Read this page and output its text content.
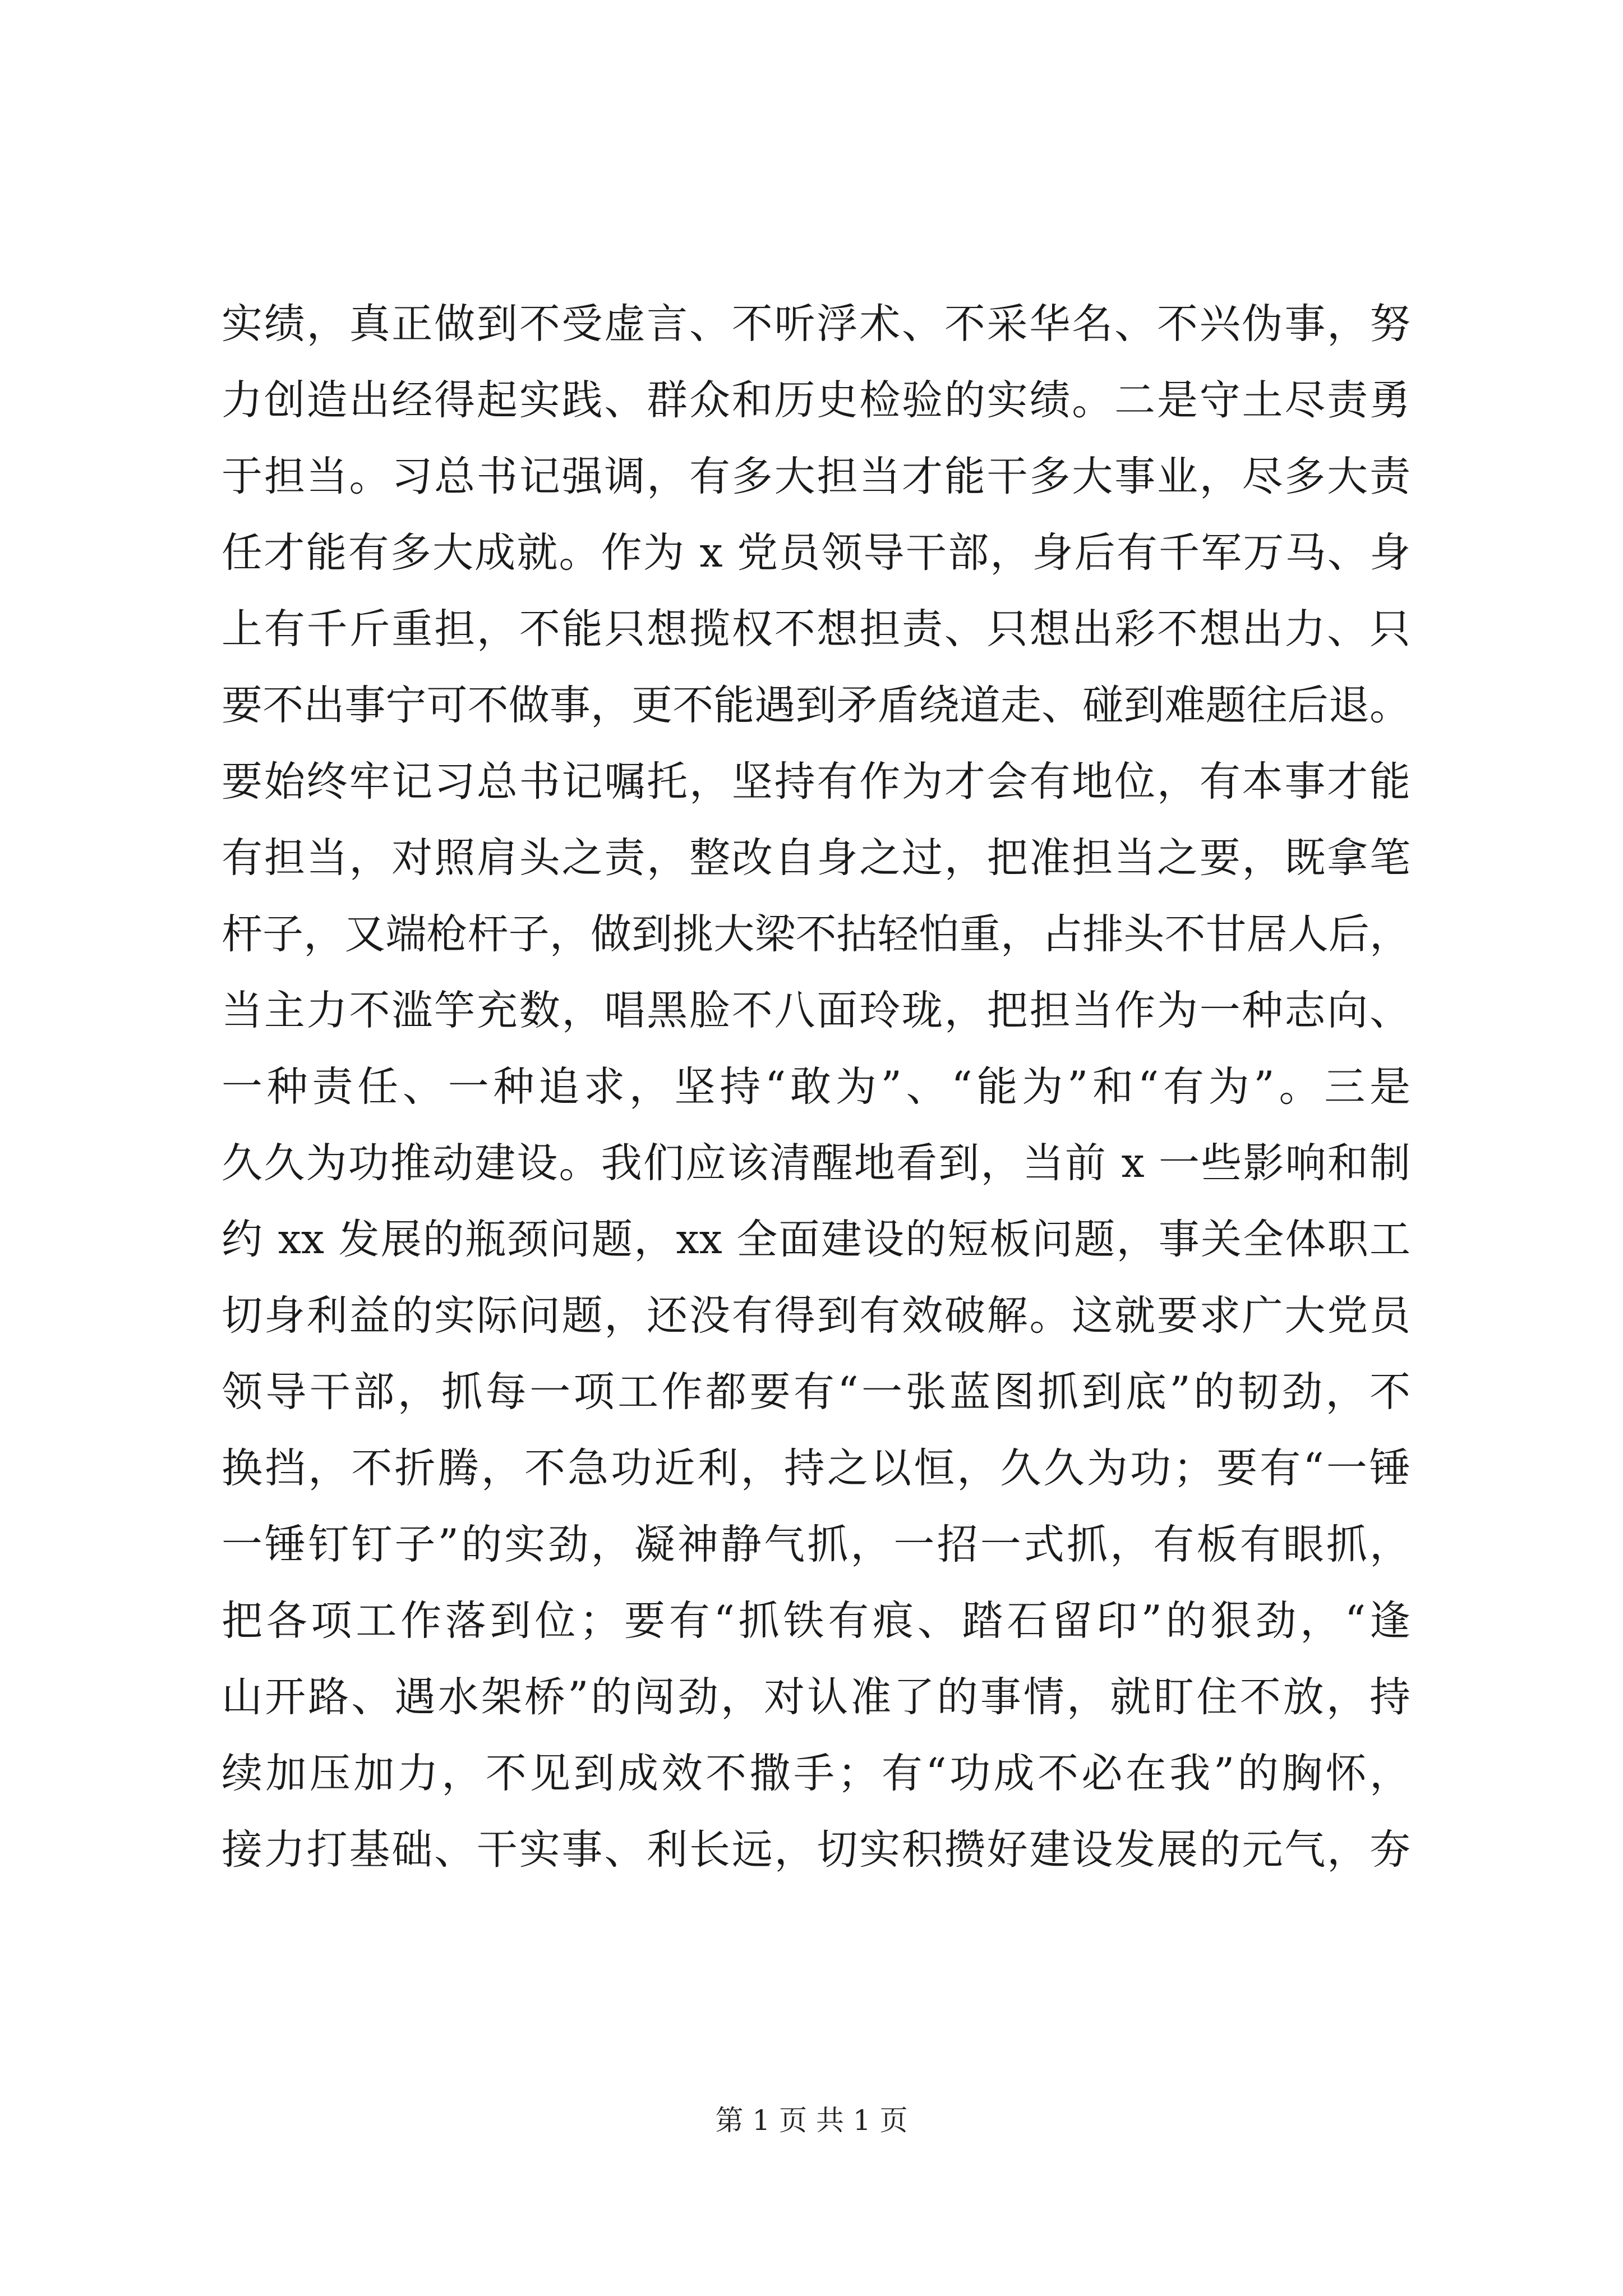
实绩，真正做到不受虚言、不听浮术、不采华名、不兴伪事，努
力创造出经得起实践、群众和历史检验的实绩。二是守土尽责勇
于担当。习总书记强调，有多大担当才能干多大事业，尽多大责
任才能有多大成就。作为 x 党员领导干部，身后有千军万马、身
上有千斤重担，不能只想揽权不想担责、只想出彩不想出力、只
要不出事宁可不做事，更不能遇到矛盾绕道走、碰到难题往后退。
要始终牢记习总书记嘱托，坚持有作为才会有地位，有本事才能
有担当，对照肩头之责，整改自身之过，把准担当之要，既拿笔
杆子，又端枪杆子，做到挑大梁不拈轻怕重，占排头不甘居人后，
当主力不滥竽充数，唱黑脸不八面玲珑，把担当作为一种志向、
一种责任、一种追求，坚持“敢为”、“能为”和“有为”。三是
久久为功推动建设。我们应该清醒地看到，当前 x 一些影响和制
约 xx 发展的瓶颈问题，xx 全面建设的短板问题，事关全体职工
切身利益的实际问题，还没有得到有效破解。这就要求广大党员
领导干部，抓每一项工作都要有“一张蓝图抓到底”的韧劲，不
换挡，不折腾，不急功近利，持之以恒，久久为功；要有“一锤
一锤钉钉子”的实劲，凝神静气抓，一招一式抓，有板有眼抓，
把各项工作落到位；要有“抓铁有痕、踏石留印”的狠劲，“逢
山开路、遇水架桥”的闯劲，对认准了的事情，就盯住不放，持
续加压加力，不见到成效不撒手；有“功成不必在我”的胸怀，
接力打基础、干实事、利长远，切实积攒好建设发展的元气，夯
第 1 页 共 1 页
